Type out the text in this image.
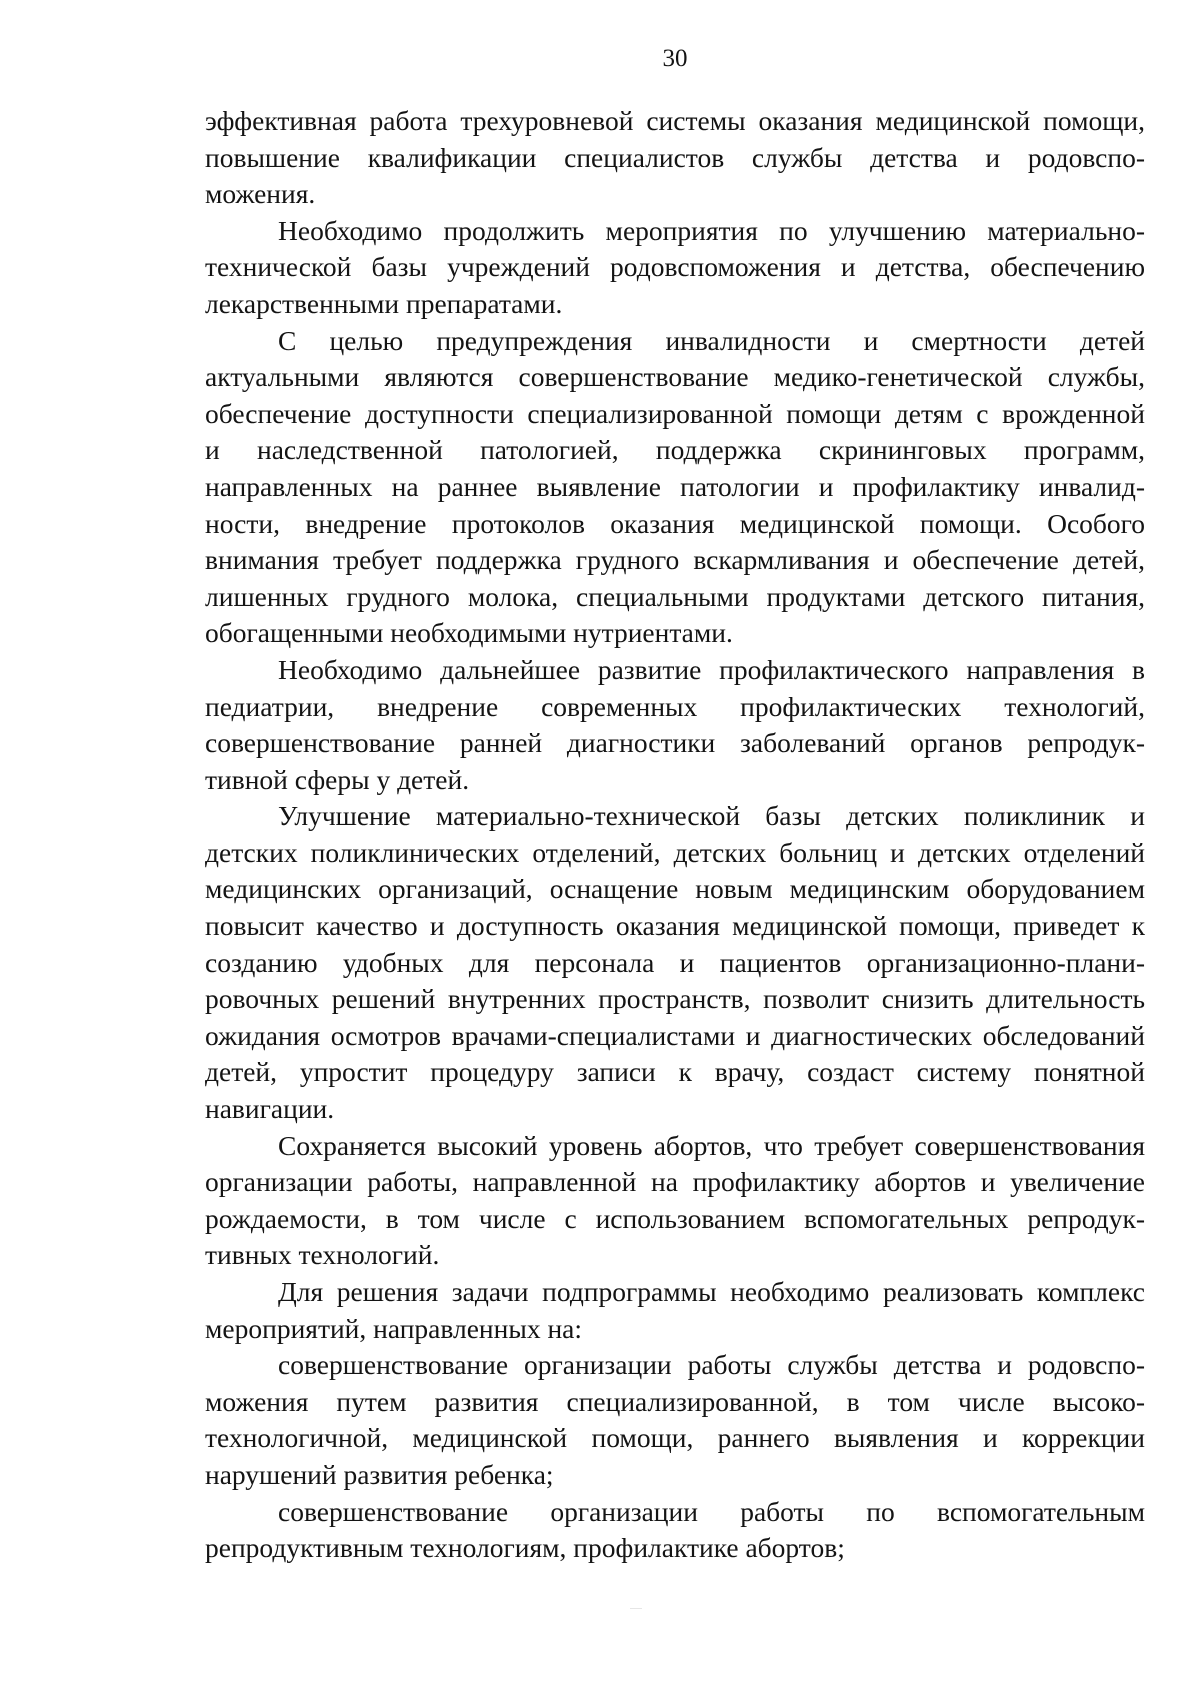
30

эффективная работа трехуровневой системы оказания медицинской помощи,
повышение квалификации специалистов службы детства и родовспо-
можения.

Необходимо продолжить мероприятия по улучшению материально-
технической базы учреждений родовспоможения и детства, обеспечению
лекарственными препаратами.

С целью предупреждения инвалидности и смертности детей
актуальными являются совершенствование медико-генетической службы,
обеспечение доступности специализированной помощи детям с врожденной
и наследственной патологией, поддержка скрининговых программ,
направленных на раннее выявление патологии и профилактику инвалид-
ности, внедрение протоколов оказания медицинской помощи. Особого
внимания требует поддержка грудного вскармливания и обеспечение детей,
лишенных грудного молока, специальными продуктами детского питания,
обогащенными необходимыми нутриентами.

Необходимо дальнейшее развитие профилактического направления в
педиатрии, внедрение современных профилактических технологий,
совершенствование ранней диагностики заболеваний органов репродук-
тивной сферы у детей.

Улучшение материально-технической базы детских поликлиник и
детских поликлинических отделений, детских больниц и детских отделений
медицинских организаций, оснащение новым медицинским оборудованием
повысит качество и доступность оказания медицинской помощи, приведет к
созданию удобных для персонала и пациентов организационно-плани-
ровочных решений внутренних пространств, позволит снизить длительность
ожидания осмотров врачами-специалистами и диагностических обследований
детей, упростит процедуру записи к врачу, создаст систему понятной
навигации.

Сохраняется высокий уровень абортов, что требует совершенствования
организации работы, направленной на профилактику абортов и увеличение
рождаемости, в том числе с использованием вспомогательных репродук-
тивных технологий.

Для решения задачи подпрограммы необходимо реализовать комплекс
мероприятий, направленных на:

совершенствование организации работы службы детства и родовспо-
можения путем развития специализированной, в том числе высоко-
технологичной, медицинской помощи, раннего выявления и коррекции
нарушений развития ребенка;

совершенствование организации работы по вспомогательным
репродуктивным технологиям, профилактике абортов;
